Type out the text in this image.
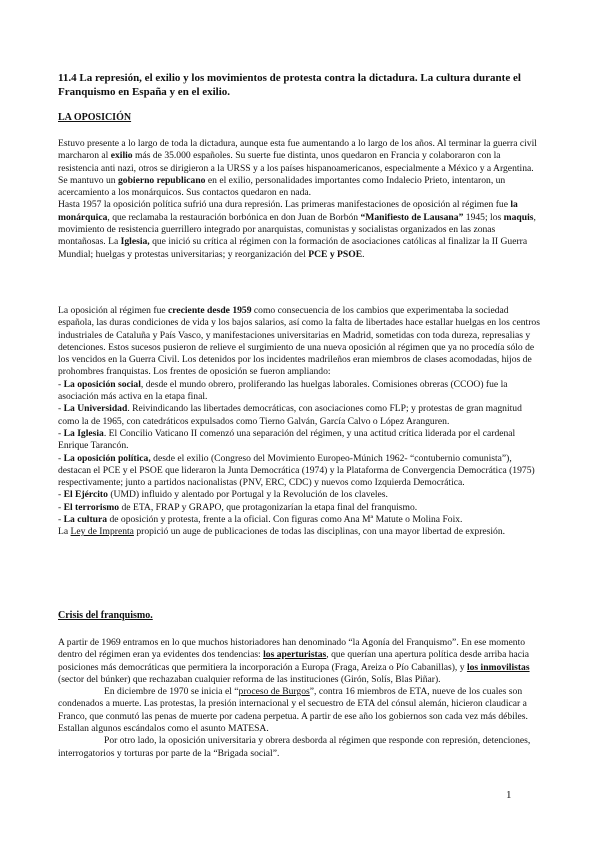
11.4 La represión, el exilio y los movimientos de protesta contra la dictadura. La cultura durante el Franquismo en España y en el exilio.
LA OPOSICIÓN

Estuvo presente a lo largo de toda la dictadura, aunque esta fue aumentando a lo largo de los años. Al terminar la guerra civil marcharon al exilio más de 35.000 españoles. Su suerte fue distinta, unos quedaron en Francia y colaboraron con la resistencia anti nazi, otros se dirigieron a la URSS y a los países hispanoamericanos, especialmente a México y a Argentina.

Se mantuvo un gobierno republicano en el exilio, personalidades importantes como Indalecio Prieto, intentaron, un acercamiento a los monárquicos. Sus contactos quedaron en nada.

Hasta 1957 la oposición política sufrió una dura represión. Las primeras manifestaciones de oposición al régimen fue la monárquica, que reclamaba la restauración borbónica en don Juan de Borbón “Manifiesto de Lausana” 1945; los maquis, movimiento de resistencia guerrillero integrado por anarquistas, comunistas y socialistas organizados en las zonas montañosas. La Iglesia, que inició su crítica al régimen con la formación de asociaciones católicas al finalizar la II Guerra Mundial; huelgas y protestas universitarias; y reorganización del PCE y PSOE.

La oposición al régimen fue creciente desde 1959 como consecuencia de los cambios que experimentaba la sociedad española, las duras condiciones de vida y los bajos salarios, así como la falta de libertades hace estallar huelgas en los centros industriales de Cataluña y País Vasco, y manifestaciones universitarias en Madrid, sometidas con toda dureza, represalias y detenciones. Estos sucesos pusieron de relieve el surgimiento de una nueva oposición al régimen que ya no procedía sólo de los vencidos en la Guerra Civil. Los detenidos por los incidentes madrileños eran miembros de clases acomodadas, hijos de prohombres franquistas. Los frentes de oposición se fueron ampliando:

- La oposición social, desde el mundo obrero, proliferando las huelgas laborales. Comisiones obreras (CCOO) fue la asociación más activa en la etapa final.

- La Universidad. Reivindicando las libertades democráticas, con asociaciones como FLP; y protestas de gran magnitud como la de 1965, con catedráticos expulsados como Tierno Galván, García Calvo o López Aranguren.

- La Iglesia. El Concilio Vaticano II comenzó una separación del régimen, y una actitud crítica liderada por el cardenal Enrique Tarancón.

- La oposición política, desde el exilio (Congreso del Movimiento Europeo-Múnich 1962- “contubernio comunista”), destacan el PCE y el PSOE que lideraron la Junta Democrática (1974) y la Plataforma de Convergencia Democrática (1975) respectivamente; junto a partidos nacionalistas (PNV, ERC, CDC) y nuevos como Izquierda Democrática.

- El Ejército (UMD) influido y alentado por Portugal y la Revolución de los claveles.

- El terrorismo de ETA, FRAP y GRAPO, que protagonizarían la etapa final del franquismo.

- La cultura de oposición y protesta, frente a la oficial. Con figuras como Ana Mª Matute o Molina Foix.

La Ley de Imprenta propició un auge de publicaciones de todas las disciplinas, con una mayor libertad de expresión.

Crisis del franquismo.

A partir de 1969 entramos en lo que muchos historiadores han denominado “la Agonía del Franquismo”. En ese momento dentro del régimen eran ya evidentes dos tendencias: los aperturistas, que querían una apertura política desde arriba hacia posiciones más democráticas que permitiera la incorporación a Europa (Fraga, Areiza o Pío Cabanillas), y los inmovilistas (sector del búnker) que rechazaban cualquier reforma de las instituciones (Girón, Solís, Blas Piñar).

En diciembre de 1970 se inicia el “proceso de Burgos”, contra 16 miembros de ETA, nueve de los cuales son condenados a muerte. Las protestas, la presión internacional y el secuestro de ETA del cónsul alemán, hicieron claudicar a Franco, que conmutó las penas de muerte por cadena perpetua. A partir de ese año los gobiernos son cada vez más débiles. Estallan algunos escándalos como el asunto MATESA.

Por otro lado, la oposición universitaria y obrera desborda al régimen que responde con represión, detenciones, interrogatorios y torturas por parte de la “Brigada social”.

1
